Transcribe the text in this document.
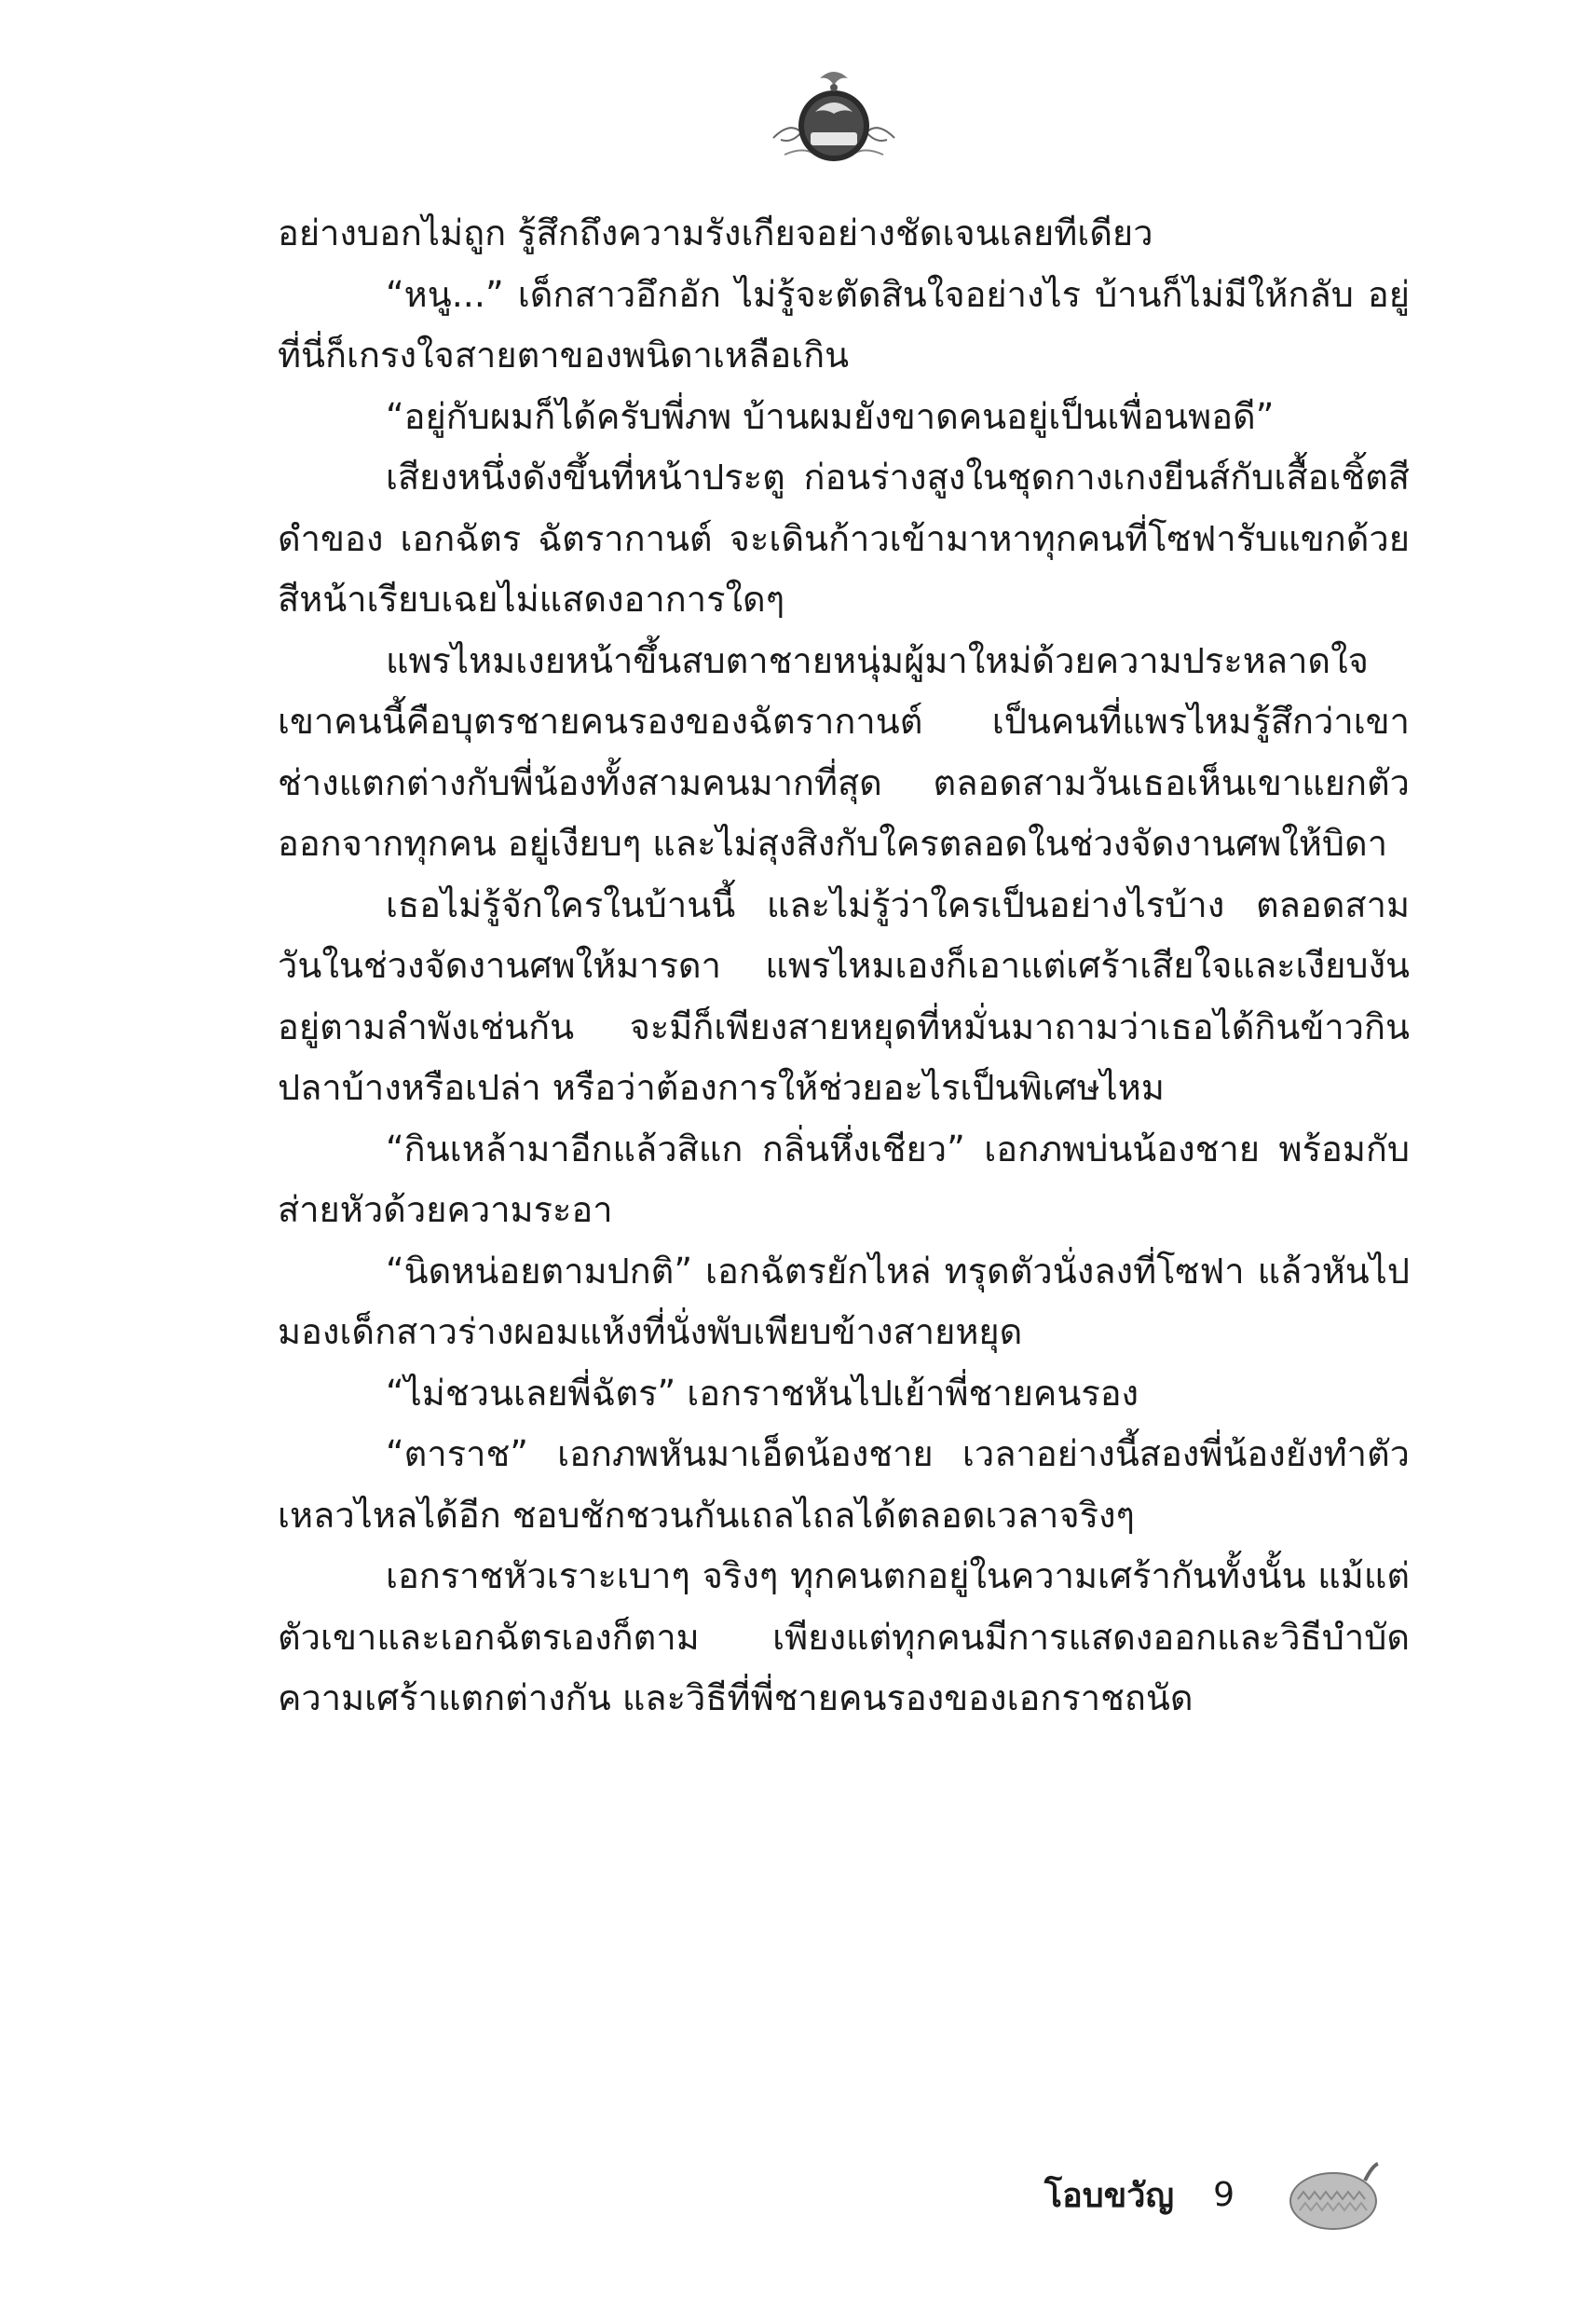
อย่างบอกไม่ถูก รู้สึกถึงความรังเกียจอย่างชัดเจนเลยทีเดียว

“หนู...” เด็กสาวอึกอัก ไม่รู้จะตัดสินใจอย่างไร บ้านก็ไม่มีให้กลับ อยู่ที่นี่ก็เกรงใจสายตาของพนิดาเหลือเกิน

“อยู่กับผมก็ได้ครับพี่ภพ บ้านผมยังขาดคนอยู่เป็นเพื่อนพอดี”

เสียงหนึ่งดังขึ้นที่หน้าประตู ก่อนร่างสูงในชุดกางเกงยีนส์กับเสื้อเชิ้ตสีดำของ เอกฉัตร ฉัตรากานต์ จะเดินก้าวเข้ามาหาทุกคนที่โซฟารับแขกด้วยสีหน้าเรียบเฉยไม่แสดงอาการใดๆ

แพรไหมเงยหน้าขึ้นสบตาชายหนุ่มผู้มาใหม่ด้วยความประหลาดใจ เขาคนนี้คือบุตรชายคนรองของฉัตรากานต์ เป็นคนที่แพรไหมรู้สึกว่าเขาช่างแตกต่างกับพี่น้องทั้งสามคนมากที่สุด ตลอดสามวันเธอเห็นเขาแยกตัวออกจากทุกคน อยู่เงียบๆ และไม่สุงสิงกับใครตลอดในช่วงจัดงานศพให้บิดา

เธอไม่รู้จักใครในบ้านนี้ และไม่รู้ว่าใครเป็นอย่างไรบ้าง ตลอดสามวันในช่วงจัดงานศพให้มารดา แพรไหมเองก็เอาแต่เศร้าเสียใจและเงียบงันอยู่ตามลำพังเช่นกัน จะมีก็เพียงสายหยุดที่หมั่นมาถามว่าเธอได้กินข้าวกินปลาบ้างหรือเปล่า หรือว่าต้องการให้ช่วยอะไรเป็นพิเศษไหม

“กินเหล้ามาอีกแล้วสิแก กลิ่นหึ่งเชียว” เอกภพบ่นน้องชาย พร้อมกับส่ายหัวด้วยความระอา

“นิดหน่อยตามปกติ” เอกฉัตรยักไหล่ ทรุดตัวนั่งลงที่โซฟา แล้วหันไปมองเด็กสาวร่างผอมแห้งที่นั่งพับเพียบข้างสายหยุด

“ไม่ชวนเลยพี่ฉัตร” เอกราชหันไปเย้าพี่ชายคนรอง

“ตาราช” เอกภพหันมาเอ็ดน้องชาย เวลาอย่างนี้สองพี่น้องยังทำตัวเหลวไหลได้อีก ชอบชักชวนกันเถลไถลได้ตลอดเวลาจริงๆ

เอกราชหัวเราะเบาๆ จริงๆ ทุกคนตกอยู่ในความเศร้ากันทั้งนั้น แม้แต่ตัวเขาและเอกฉัตรเองก็ตาม เพียงแต่ทุกคนมีการแสดงออกและวิธีบำบัดความเศร้าแตกต่างกัน และวิธีที่พี่ชายคนรองของเอกราชถนัด

โอบขวัญ 9
